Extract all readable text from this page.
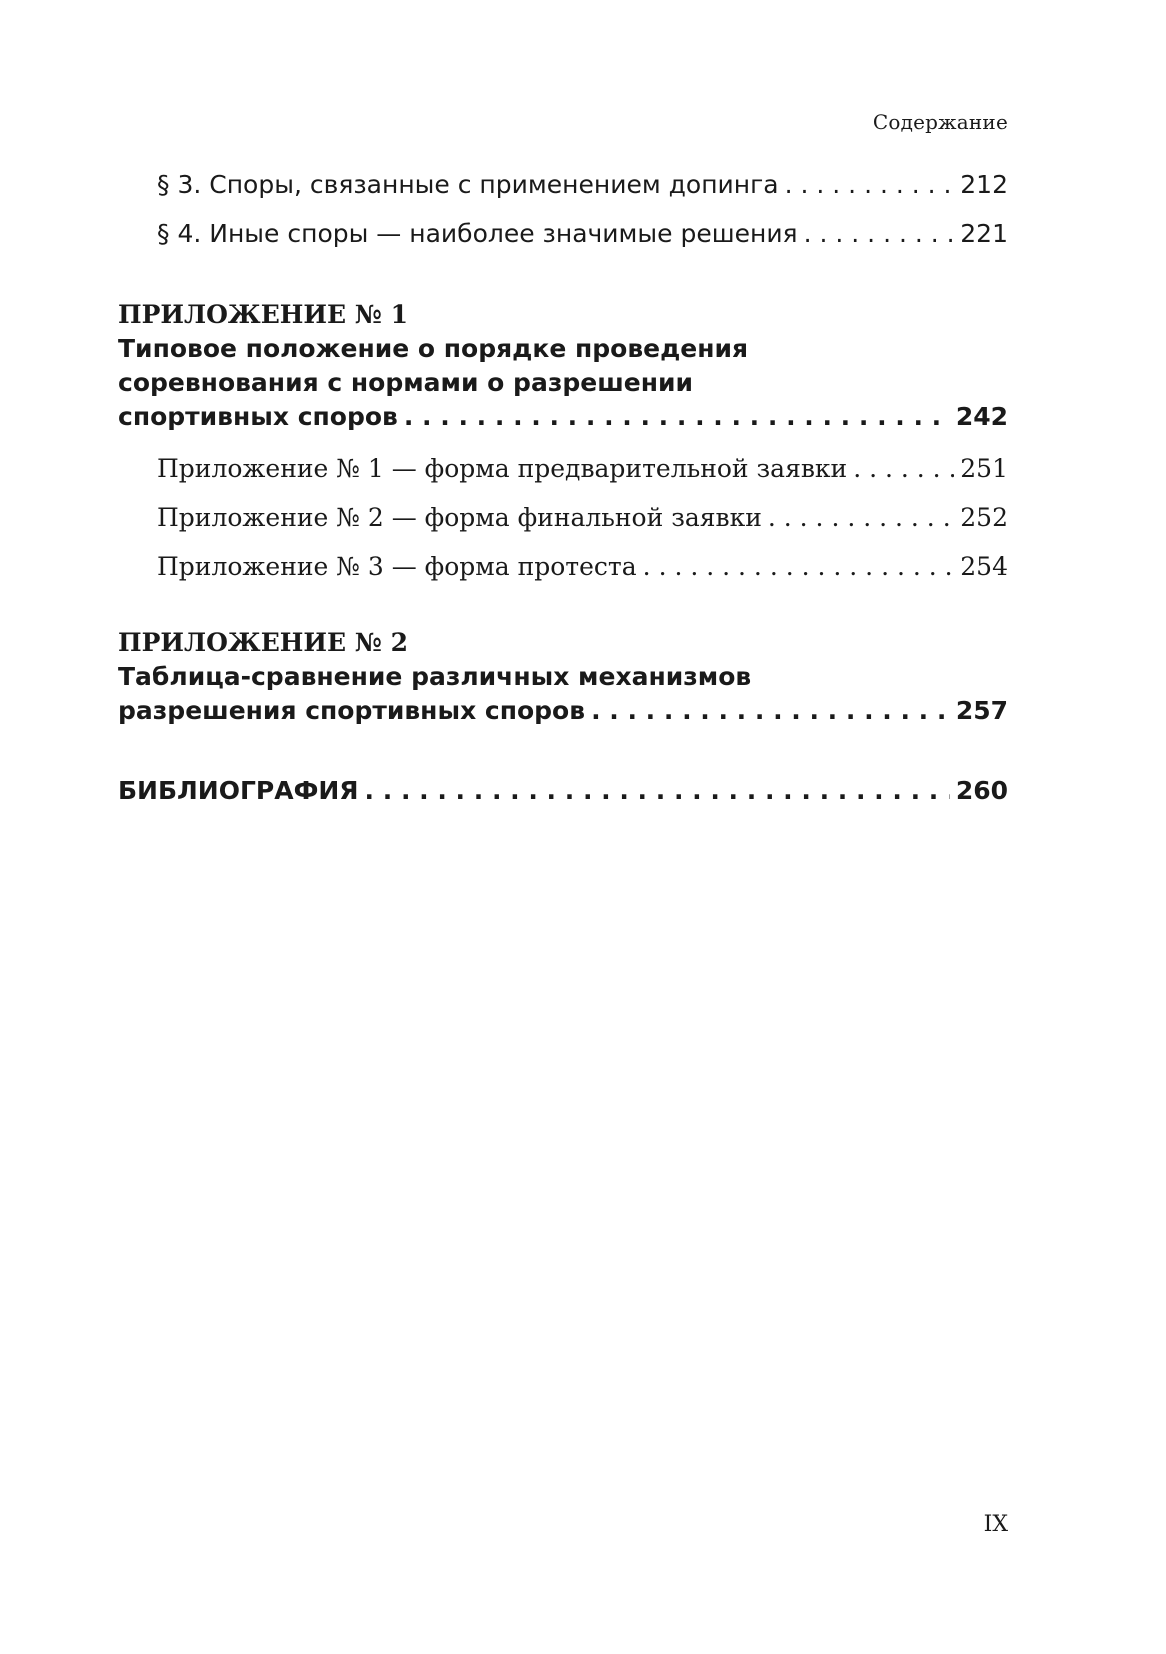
Содержание
§ 3. Споры, связанные с применением допинга . . .	212
§ 4. Иные споры — наиболее значимые решения . . .	221
ПРИЛОЖЕНИЕ № 1
Типовое положение о порядке проведения
соревнования с нормами о разрешении
спортивных споров . . .	242
Приложение № 1 — форма предварительной заявки . . .	251
Приложение № 2 — форма финальной заявки . . .	252
Приложение № 3 — форма протеста . . .	254
ПРИЛОЖЕНИЕ № 2
Таблица-сравнение различных механизмов
разрешения спортивных споров . . .	257
БИБЛИОГРАФИЯ . . .	260
IX
